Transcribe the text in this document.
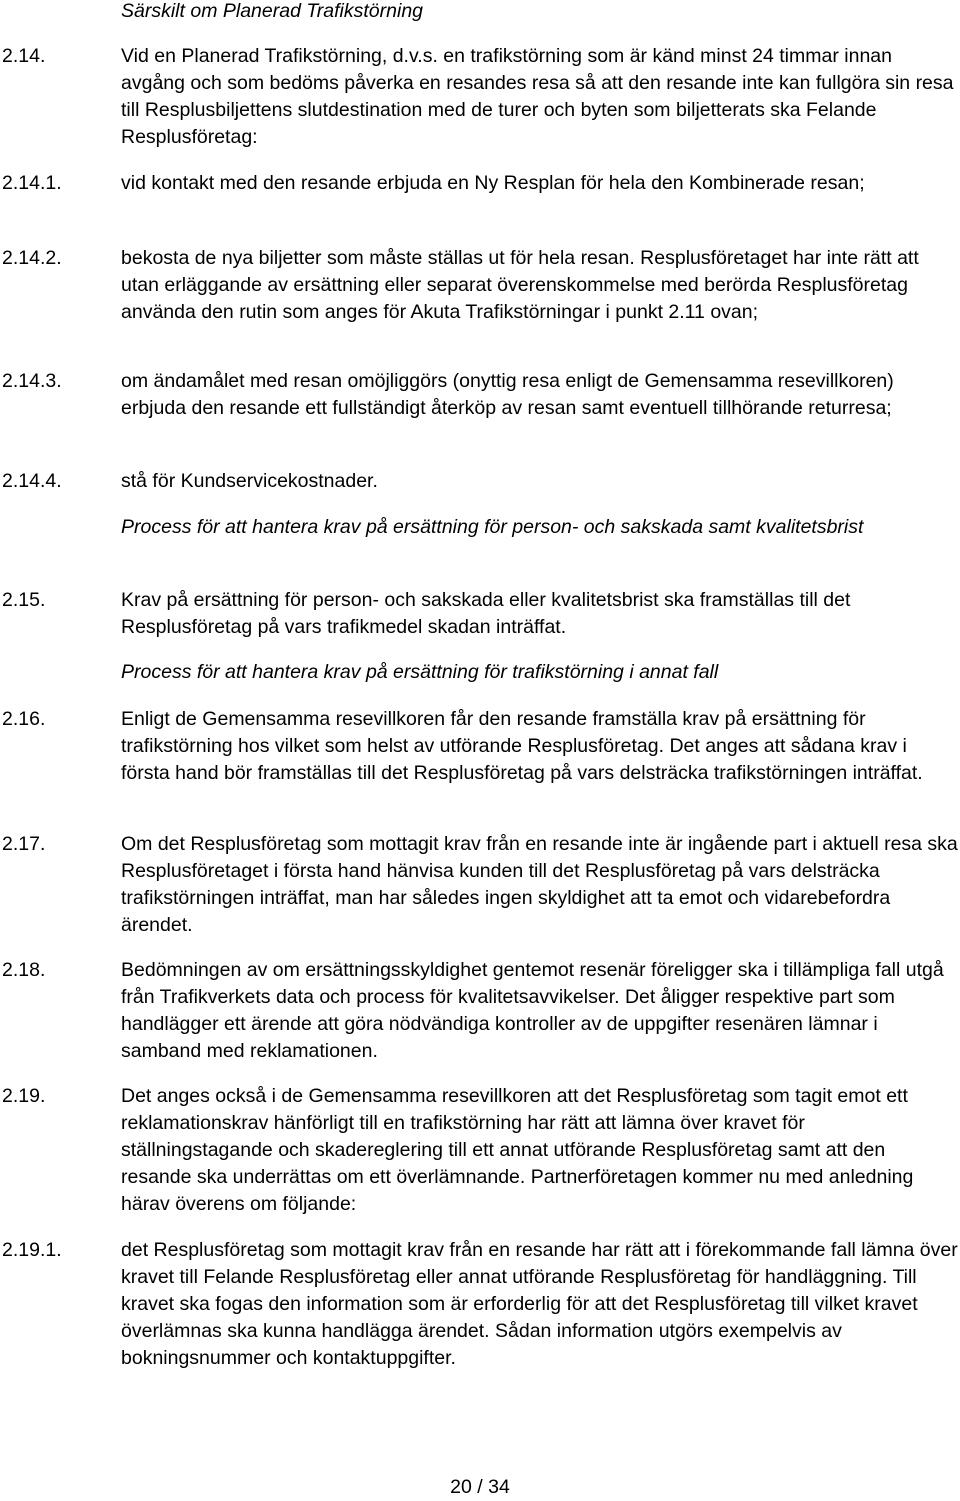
Särskilt om Planerad Trafikstörning
2.14.	Vid en Planerad Trafikstörning, d.v.s. en trafikstörning som är känd minst 24 timmar innan avgång och som bedöms påverka en resandes resa så att den resande inte kan fullgöra sin resa till Resplusbiljettens slutdestination med de turer och byten som biljetterats ska Felande Resplusföretag:

2.14.1.	vid kontakt med den resande erbjuda en Ny Resplan för hela den Kombinerade resan;

2.14.2.	bekosta de nya biljetter som måste ställas ut för hela resan. Resplusföretaget har inte rätt att utan erläggande av ersättning eller separat överenskommelse med berörda Resplusföretag använda den rutin som anges för Akuta Trafikstörningar i punkt 2.11 ovan;

2.14.3.	om ändamålet med resan omöjliggörs (onyttig resa enligt de Gemensamma resevillkoren) erbjuda den resande ett fullständigt återköp av resan samt eventuell tillhörande returresa;

2.14.4.	stå för Kundservicekostnader.

Process för att hantera krav på ersättning för person- och sakskada samt kvalitetsbrist
2.15.	Krav på ersättning för person- och sakskada eller kvalitetsbrist ska framställas till det Resplusföretag på vars trafikmedel skadan inträffat.

Process för att hantera krav på ersättning för trafikstörning i annat fall
2.16.	Enligt de Gemensamma resevillkoren får den resande framställa krav på ersättning för trafikstörning hos vilket som helst av utförande Resplusföretag. Det anges att sådana krav i första hand bör framställas till det Resplusföretag på vars delsträcka trafikstörningen inträffat.

2.17.	Om det Resplusföretag som mottagit krav från en resande inte är ingående part i aktuell resa ska Resplusföretaget i första hand hänvisa kunden till det Resplusföretag på vars delsträcka trafikstörningen inträffat, man har således ingen skyldighet att ta emot och vidarebefordra ärendet.

2.18.	Bedömningen av om ersättningsskyldighet gentemot resenär föreligger ska i tillämpliga fall utgå från Trafikverkets data och process för kvalitetsavvikelser. Det åligger respektive part som handlägger ett ärende att göra nödvändiga kontroller av de uppgifter resenären lämnar i samband med reklamationen.

2.19.	Det anges också i de Gemensamma resevillkoren att det Resplusföretag som tagit emot ett reklamationskrav hänförligt till en trafikstörning har rätt att lämna över kravet för ställningstagande och skadereglering till ett annat utförande Resplusföretag samt att den resande ska underrättas om ett överlämnande. Partnerföretagen kommer nu med anledning härav överens om följande:

2.19.1.	det Resplusföretag som mottagit krav från en resande har rätt att i förekommande fall lämna över kravet till Felande Resplusföretag eller annat utförande Resplusföretag för handläggning. Till kravet ska fogas den information som är erforderlig för att det Resplusföretag till vilket kravet överlämnas ska kunna handlägga ärendet. Sådan information utgörs exempelvis av bokningsnummer och kontaktuppgifter.

20 / 34
